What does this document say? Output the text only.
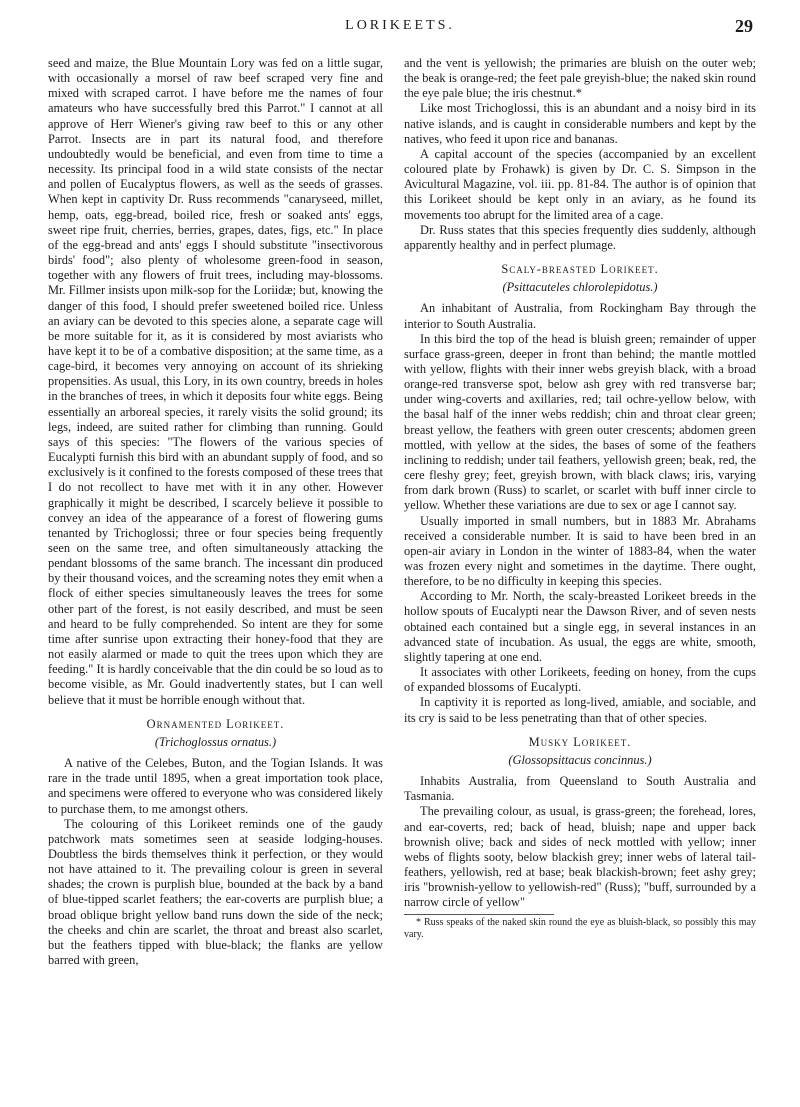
LORIKEETS.	29

seed and maize, the Blue Mountain Lory was fed on a little sugar, with occasionally a morsel of raw beef scraped very fine and mixed with scraped carrot. I have before me the names of four amateurs who have successfully bred this Parrot." I cannot at all approve of Herr Wiener's giving raw beef to this or any other Parrot. Insects are in part its natural food, and therefore undoubtedly would be beneficial, and even from time to time a necessity. Its principal food in a wild state consists of the nectar and pollen of Eucalyptus flowers, as well as the seeds of grasses. When kept in captivity Dr. Russ recommends "canaryseed, millet, hemp, oats, egg-bread, boiled rice, fresh or soaked ants' eggs, sweet ripe fruit, cherries, berries, grapes, dates, figs, etc." In place of the egg-bread and ants' eggs I should substitute "insectivorous birds' food"; also plenty of wholesome green-food in season, together with any flowers of fruit trees, including may-blossoms. Mr. Fillmer insists upon milk-sop for the Loriidæ; but, knowing the danger of this food, I should prefer sweetened boiled rice. Unless an aviary can be devoted to this species alone, a separate cage will be more suitable for it, as it is considered by most aviarists who have kept it to be of a combative disposition; at the same time, as a cage-bird, it becomes very annoying on account of its shrieking propensities. As usual, this Lory, in its own country, breeds in holes in the branches of trees, in which it deposits four white eggs. Being essentially an arboreal species, it rarely visits the solid ground; its legs, indeed, are suited rather for climbing than running. Gould says of this species: "The flowers of the various species of Eucalypti furnish this bird with an abundant supply of food, and so exclusively is it confined to the forests composed of these trees that I do not recollect to have met with it in any other. However graphically it might be described, I scarcely believe it possible to convey an idea of the appearance of a forest of flowering gums tenanted by Trichoglossi; three or four species being frequently seen on the same tree, and often simultaneously attacking the pendant blossoms of the same branch. The incessant din produced by their thousand voices, and the screaming notes they emit when a flock of either species simultaneously leaves the trees for some other part of the forest, is not easily described, and must be seen and heard to be fully comprehended. So intent are they for some time after sunrise upon extracting their honey-food that they are not easily alarmed or made to quit the trees upon which they are feeding." It is hardly conceivable that the din could be so loud as to become visible, as Mr. Gould inadvertently states, but I can well believe that it must be horrible enough without that.

Ornamented Lorikeet.
(Trichoglossus ornatus.)

A native of the Celebes, Buton, and the Togian Islands. It was rare in the trade until 1895, when a great importation took place, and specimens were offered to everyone who was considered likely to purchase them, to me amongst others.

The colouring of this Lorikeet reminds one of the gaudy patchwork mats sometimes seen at seaside lodging-houses. Doubtless the birds themselves think it perfection, or they would not have attained to it. The prevailing colour is green in several shades; the crown is purplish blue, bounded at the back by a band of blue-tipped scarlet feathers; the ear-coverts are purplish blue; a broad oblique bright yellow band runs down the side of the neck; the cheeks and chin are scarlet, the throat and breast also scarlet, but the feathers tipped with blue-black; the flanks are yellow barred with green,

and the vent is yellowish; the primaries are bluish on the outer web; the beak is orange-red; the feet pale greyish-blue; the naked skin round the eye pale blue; the iris chestnut.*

Like most Trichoglossi, this is an abundant and a noisy bird in its native islands, and is caught in considerable numbers and kept by the natives, who feed it upon rice and bananas.

A capital account of the species (accompanied by an excellent coloured plate by Frohawk) is given by Dr. C. S. Simpson in the Avicultural Magazine, vol. iii. pp. 81-84. The author is of opinion that this Lorikeet should be kept only in an aviary, as he found its movements too abrupt for the limited area of a cage.

Dr. Russ states that this species frequently dies suddenly, although apparently healthy and in perfect plumage.

Scaly-breasted Lorikeet.
(Psittacuteles chlorolepidotus.)

An inhabitant of Australia, from Rockingham Bay through the interior to South Australia.

In this bird the top of the head is bluish green; remainder of upper surface grass-green, deeper in front than behind; the mantle mottled with yellow, flights with their inner webs greyish black, with a broad orange-red transverse spot, below ash grey with red transverse bar; under wing-coverts and axillaries, red; tail ochre-yellow below, with the basal half of the inner webs reddish; chin and throat clear green; breast yellow, the feathers with green outer crescents; abdomen green mottled, with yellow at the sides, the bases of some of the feathers inclining to reddish; under tail feathers, yellowish green; beak, red, the cere fleshy grey; feet, greyish brown, with black claws; iris, varying from dark brown (Russ) to scarlet, or scarlet with buff inner circle to yellow. Whether these variations are due to sex or age I cannot say.

Usually imported in small numbers, but in 1883 Mr. Abrahams received a considerable number. It is said to have been bred in an open-air aviary in London in the winter of 1883-84, when the water was frozen every night and sometimes in the daytime. There ought, therefore, to be no difficulty in keeping this species.

According to Mr. North, the scaly-breasted Lorikeet breeds in the hollow spouts of Eucalypti near the Dawson River, and of seven nests obtained each contained but a single egg, in several instances in an advanced state of incubation. As usual, the eggs are white, smooth, slightly tapering at one end.

It associates with other Lorikeets, feeding on honey, from the cups of expanded blossoms of Eucalypti.

In captivity it is reported as long-lived, amiable, and sociable, and its cry is said to be less penetrating than that of other species.

Musky Lorikeet.
(Glossopsittacus concinnus.)

Inhabits Australia, from Queensland to South Australia and Tasmania.

The prevailing colour, as usual, is grass-green; the forehead, lores, and ear-coverts, red; back of head, bluish; nape and upper back brownish olive; back and sides of neck mottled with yellow; inner webs of flights sooty, below blackish grey; inner webs of lateral tail-feathers, yellowish, red at base; beak blackish-brown; feet ashy grey; iris "brownish-yellow to yellowish-red" (Russ); "buff, surrounded by a narrow circle of yellow"

* Russ speaks of the naked skin round the eye as bluish-black, so possibly this may vary.
